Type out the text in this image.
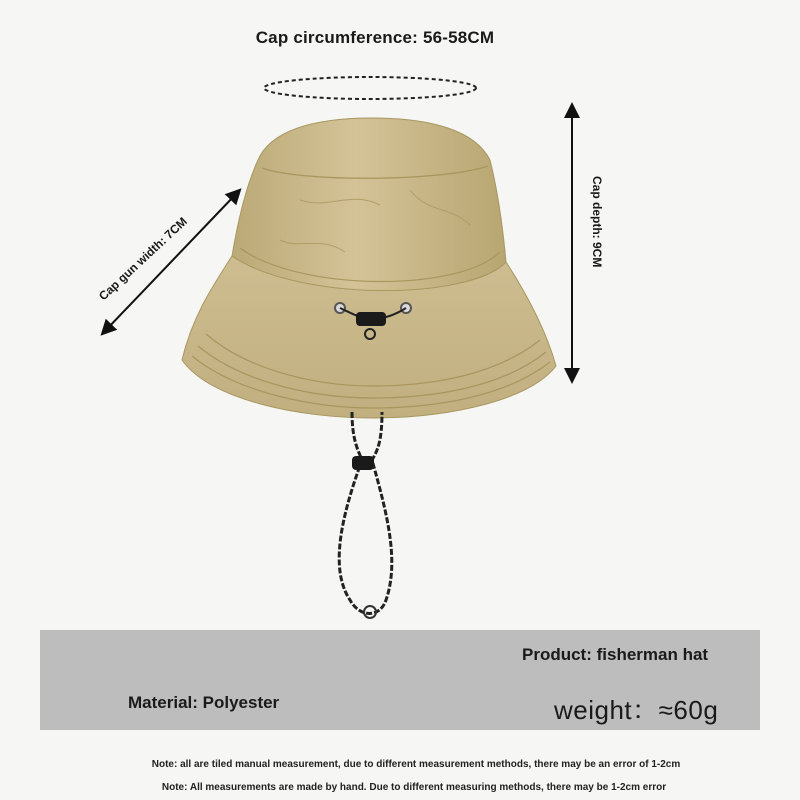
Cap circumference: 56-58CM
Cap depth: 9CM
Cap gun width: 7CM
Product: fisherman hat
Material: Polyester	weight：≈60g
Note: all are tiled manual measurement, due to different measurement methods, there may be an error of 1-2cm
Note: All measurements are made by hand. Due to different measuring methods, there may be 1-2cm error
